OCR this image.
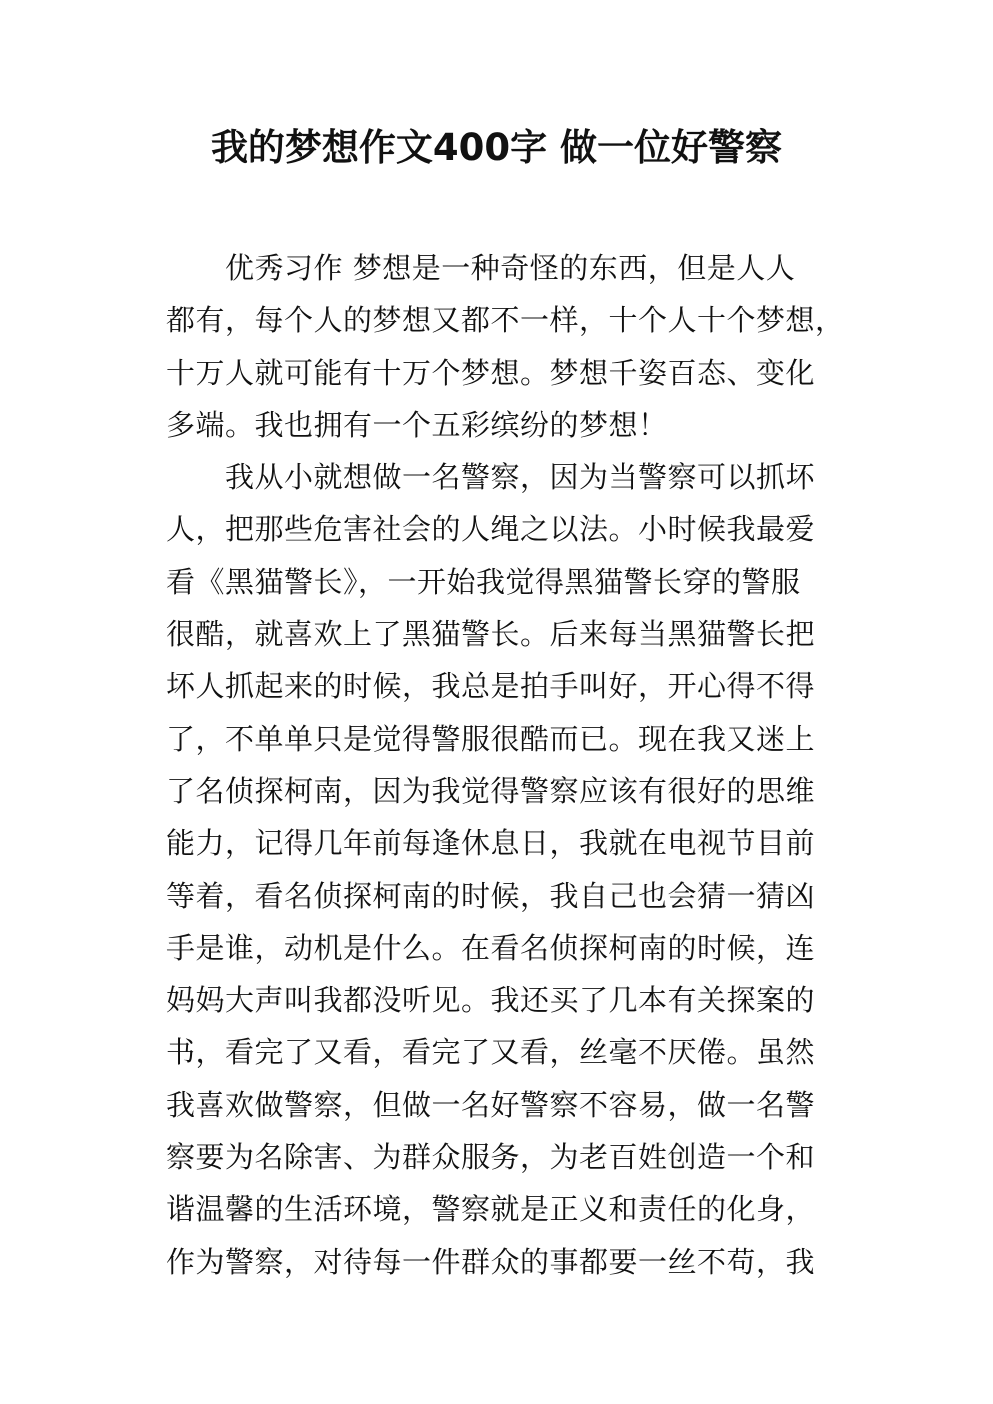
我的梦想作文400字 做一位好警察
优秀习作 梦想是一种奇怪的东西，但是人人
都有，每个人的梦想又都不一样，十个人十个梦想，
十万人就可能有十万个梦想。梦想千姿百态、变化
多端。我也拥有一个五彩缤纷的梦想！
我从小就想做一名警察，因为当警察可以抓坏
人，把那些危害社会的人绳之以法。小时候我最爱
看《黑猫警长》，一开始我觉得黑猫警长穿的警服
很酷，就喜欢上了黑猫警长。后来每当黑猫警长把
坏人抓起来的时候，我总是拍手叫好，开心得不得
了，不单单只是觉得警服很酷而已。现在我又迷上
了名侦探柯南，因为我觉得警察应该有很好的思维
能力，记得几年前每逢休息日，我就在电视节目前
等着，看名侦探柯南的时候，我自己也会猜一猜凶
手是谁，动机是什么。在看名侦探柯南的时候，连
妈妈大声叫我都没听见。我还买了几本有关探案的
书，看完了又看，看完了又看，丝毫不厌倦。虽然
我喜欢做警察，但做一名好警察不容易，做一名警
察要为名除害、为群众服务，为老百姓创造一个和
谐温馨的生活环境，警察就是正义和责任的化身，
作为警察，对待每一件群众的事都要一丝不苟，我
